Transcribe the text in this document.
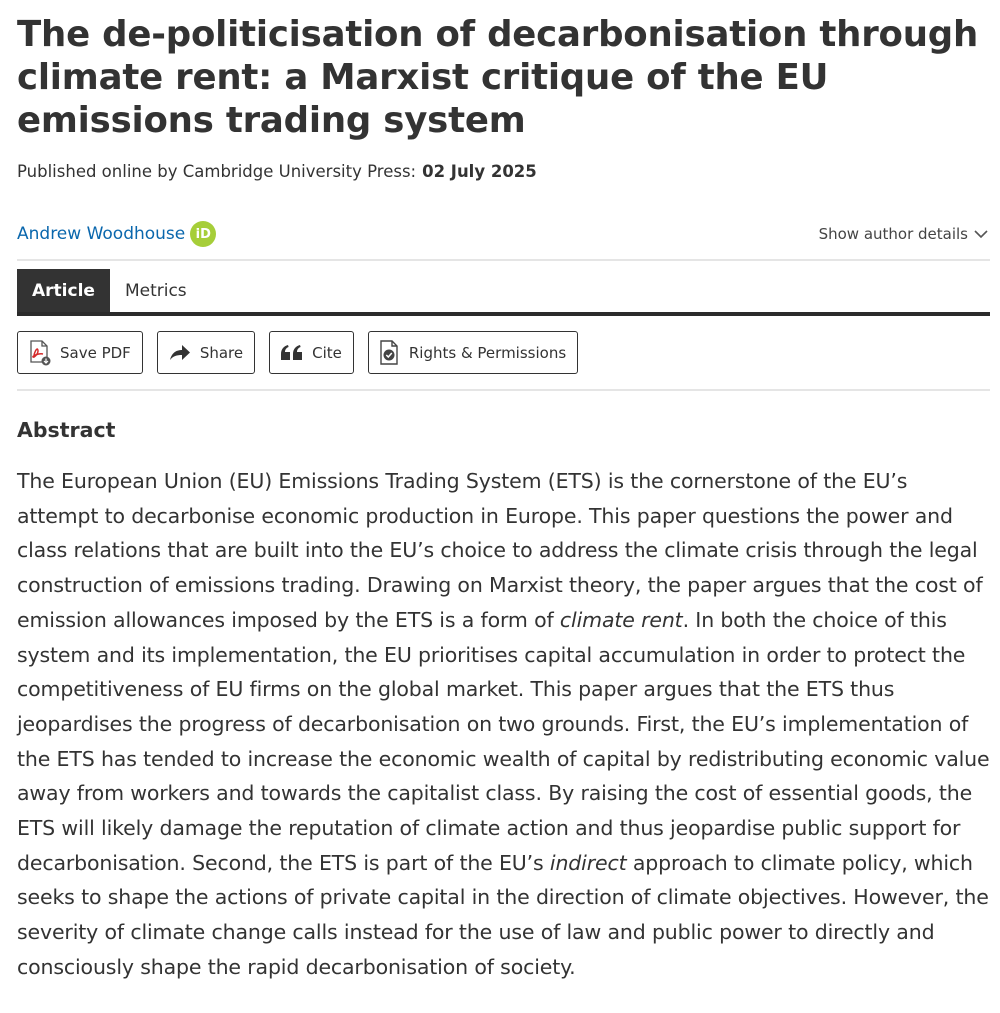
The de-politicisation of decarbonisation through climate rent: a Marxist critique of the EU emissions trading system
Published online by Cambridge University Press: 02 July 2025
Andrew Woodhouse iD	Show author details
Article	Metrics
Save PDF	Share	Cite	Rights & Permissions
Abstract

The European Union (EU) Emissions Trading System (ETS) is the cornerstone of the EU’s attempt to decarbonise economic production in Europe. This paper questions the power and class relations that are built into the EU’s choice to address the climate crisis through the legal construction of emissions trading. Drawing on Marxist theory, the paper argues that the cost of emission allowances imposed by the ETS is a form of climate rent. In both the choice of this system and its implementation, the EU prioritises capital accumulation in order to protect the competitiveness of EU firms on the global market. This paper argues that the ETS thus jeopardises the progress of decarbonisation on two grounds. First, the EU’s implementation of the ETS has tended to increase the economic wealth of capital by redistributing economic value away from workers and towards the capitalist class. By raising the cost of essential goods, the ETS will likely damage the reputation of climate action and thus jeopardise public support for decarbonisation. Second, the ETS is part of the EU’s indirect approach to climate policy, which seeks to shape the actions of private capital in the direction of climate objectives. However, the severity of climate change calls instead for the use of law and public power to directly and consciously shape the rapid decarbonisation of society.
